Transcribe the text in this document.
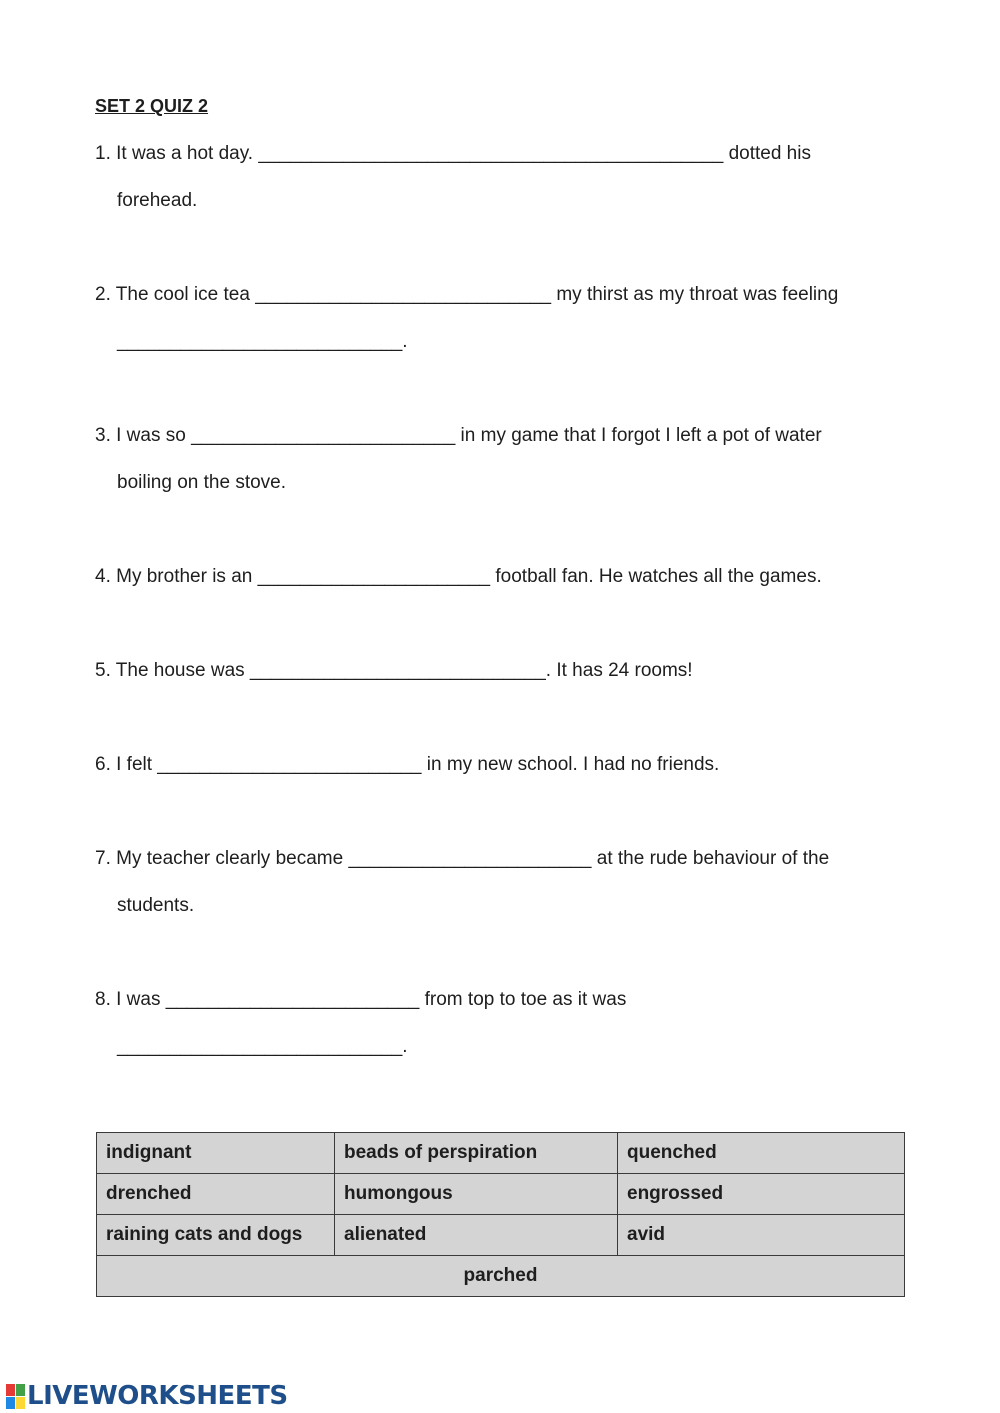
SET 2 QUIZ 2
1. It was a hot day. ____________________________________________ dotted his
forehead.
2. The cool ice tea ____________________________ my thirst as my throat was feeling
___________________________.
3. I was so _________________________ in my game that I forgot I left a pot of water
boiling on the stove.
4. My brother is an ______________________ football fan. He watches all the games.
5. The house was ____________________________. It has 24 rooms!
6. I felt _________________________ in my new school. I had no friends.
7. My teacher clearly became _______________________ at the rude behaviour of the
students.
8. I was ________________________ from top to toe as it was
___________________________.
indignant	beads of perspiration	quenched
drenched	humongous	engrossed
raining cats and dogs	alienated	avid
parched		
LIVEWORKSHEETS
